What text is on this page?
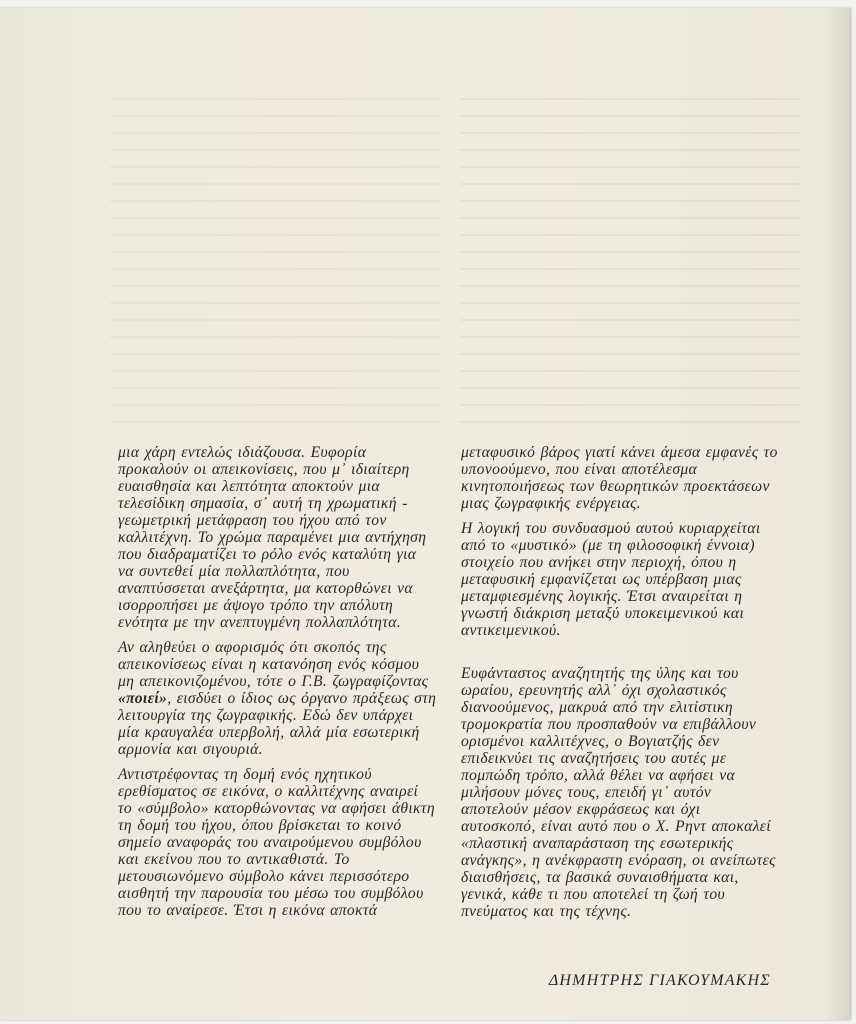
μια χάρη εντελώς ιδιάζουσα. Ευφορία
προκαλούν οι απεικονίσεις, που μ᾽ ιδιαίτερη
ευαισθησία και λεπτότητα αποκτούν μια
τελεσίδικη σημασία, σ᾽ αυτή τη χρωματική -
γεωμετρική μετάφραση του ήχου από τον
καλλιτέχνη. Το χρώμα παραμένει μια αντήχηση
που διαδραματίζει το ρόλο ενός καταλύτη για
να συντεθεί μία πολλαπλότητα, που
αναπτύσσεται ανεξάρτητα, μα κατορθώνει να
ισορροπήσει με άψογο τρόπο την απόλυτη
ενότητα με την ανεπτυγμένη πολλαπλότητα.

Αν αληθεύει ο αφορισμός ότι σκοπός της
απεικονίσεως είναι η κατανόηση ενός κόσμου
μη απεικονιζομένου, τότε ο Γ.Β. ζωγραφίζοντας
«ποιεί», εισδύει ο ίδιος ως όργανο πράξεως στη
λειτουργία της ζωγραφικής. Εδώ δεν υπάρχει
μία κραυγαλέα υπερβολή, αλλά μία εσωτερική
αρμονία και σιγουριά.

Αντιστρέφοντας τη δομή ενός ηχητικού
ερεθίσματος σε εικόνα, ο καλλιτέχνης αναιρεί
το «σύμβολο» κατορθώνοντας να αφήσει άθικτη
τη δομή του ήχου, όπου βρίσκεται το κοινό
σημείο αναφοράς του αναιρούμενου συμβόλου
και εκείνου που το αντικαθιστά. Το
μετουσιωνόμενο σύμβολο κάνει περισσότερο
αισθητή την παρουσία του μέσω του συμβόλου
που το αναίρεσε. Έτσι η εικόνα αποκτά

μεταφυσικό βάρος γιατί κάνει άμεσα εμφανές το
υπονοούμενο, που είναι αποτέλεσμα
κινητοποιήσεως των θεωρητικών προεκτάσεων
μιας ζωγραφικής ενέργειας.

Η λογική του συνδυασμού αυτού κυριαρχείται
από το «μυστικό» (με τη φιλοσοφική έννοια)
στοιχείο που ανήκει στην περιοχή, όπου η
μεταφυσική εμφανίζεται ως υπέρβαση μιας
μεταμφιεσμένης λογικής. Έτσι αναιρείται η
γνωστή διάκριση μεταξύ υποκειμενικού και
αντικειμενικού.

Ευφάνταστος αναζητητής της ύλης και του
ωραίου, ερευνητής αλλ᾽ όχι σχολαστικός
διανοούμενος, μακρυά από την ελιτίστικη
τρομοκρατία που προσπαθούν να επιβάλλουν
ορισμένοι καλλιτέχνες, ο Βογιατζής δεν
επιδεικνύει τις αναζητήσεις του αυτές με
πομπώδη τρόπο, αλλά θέλει να αφήσει να
μιλήσουν μόνες τους, επειδή γι᾽ αυτόν
αποτελούν μέσον εκφράσεως και όχι
αυτοσκοπό, είναι αυτό που ο Χ. Ρηντ αποκαλεί
«πλαστική αναπαράσταση της εσωτερικής
ανάγκης», η ανέκφραστη ενόραση, οι ανείπωτες
διαισθήσεις, τα βασικά συναισθήματα και,
γενικά, κάθε τι που αποτελεί τη ζωή του
πνεύματος και της τέχνης.

ΔΗΜΗΤΡΗΣ ΓΙΑΚΟΥΜΑΚΗΣ
